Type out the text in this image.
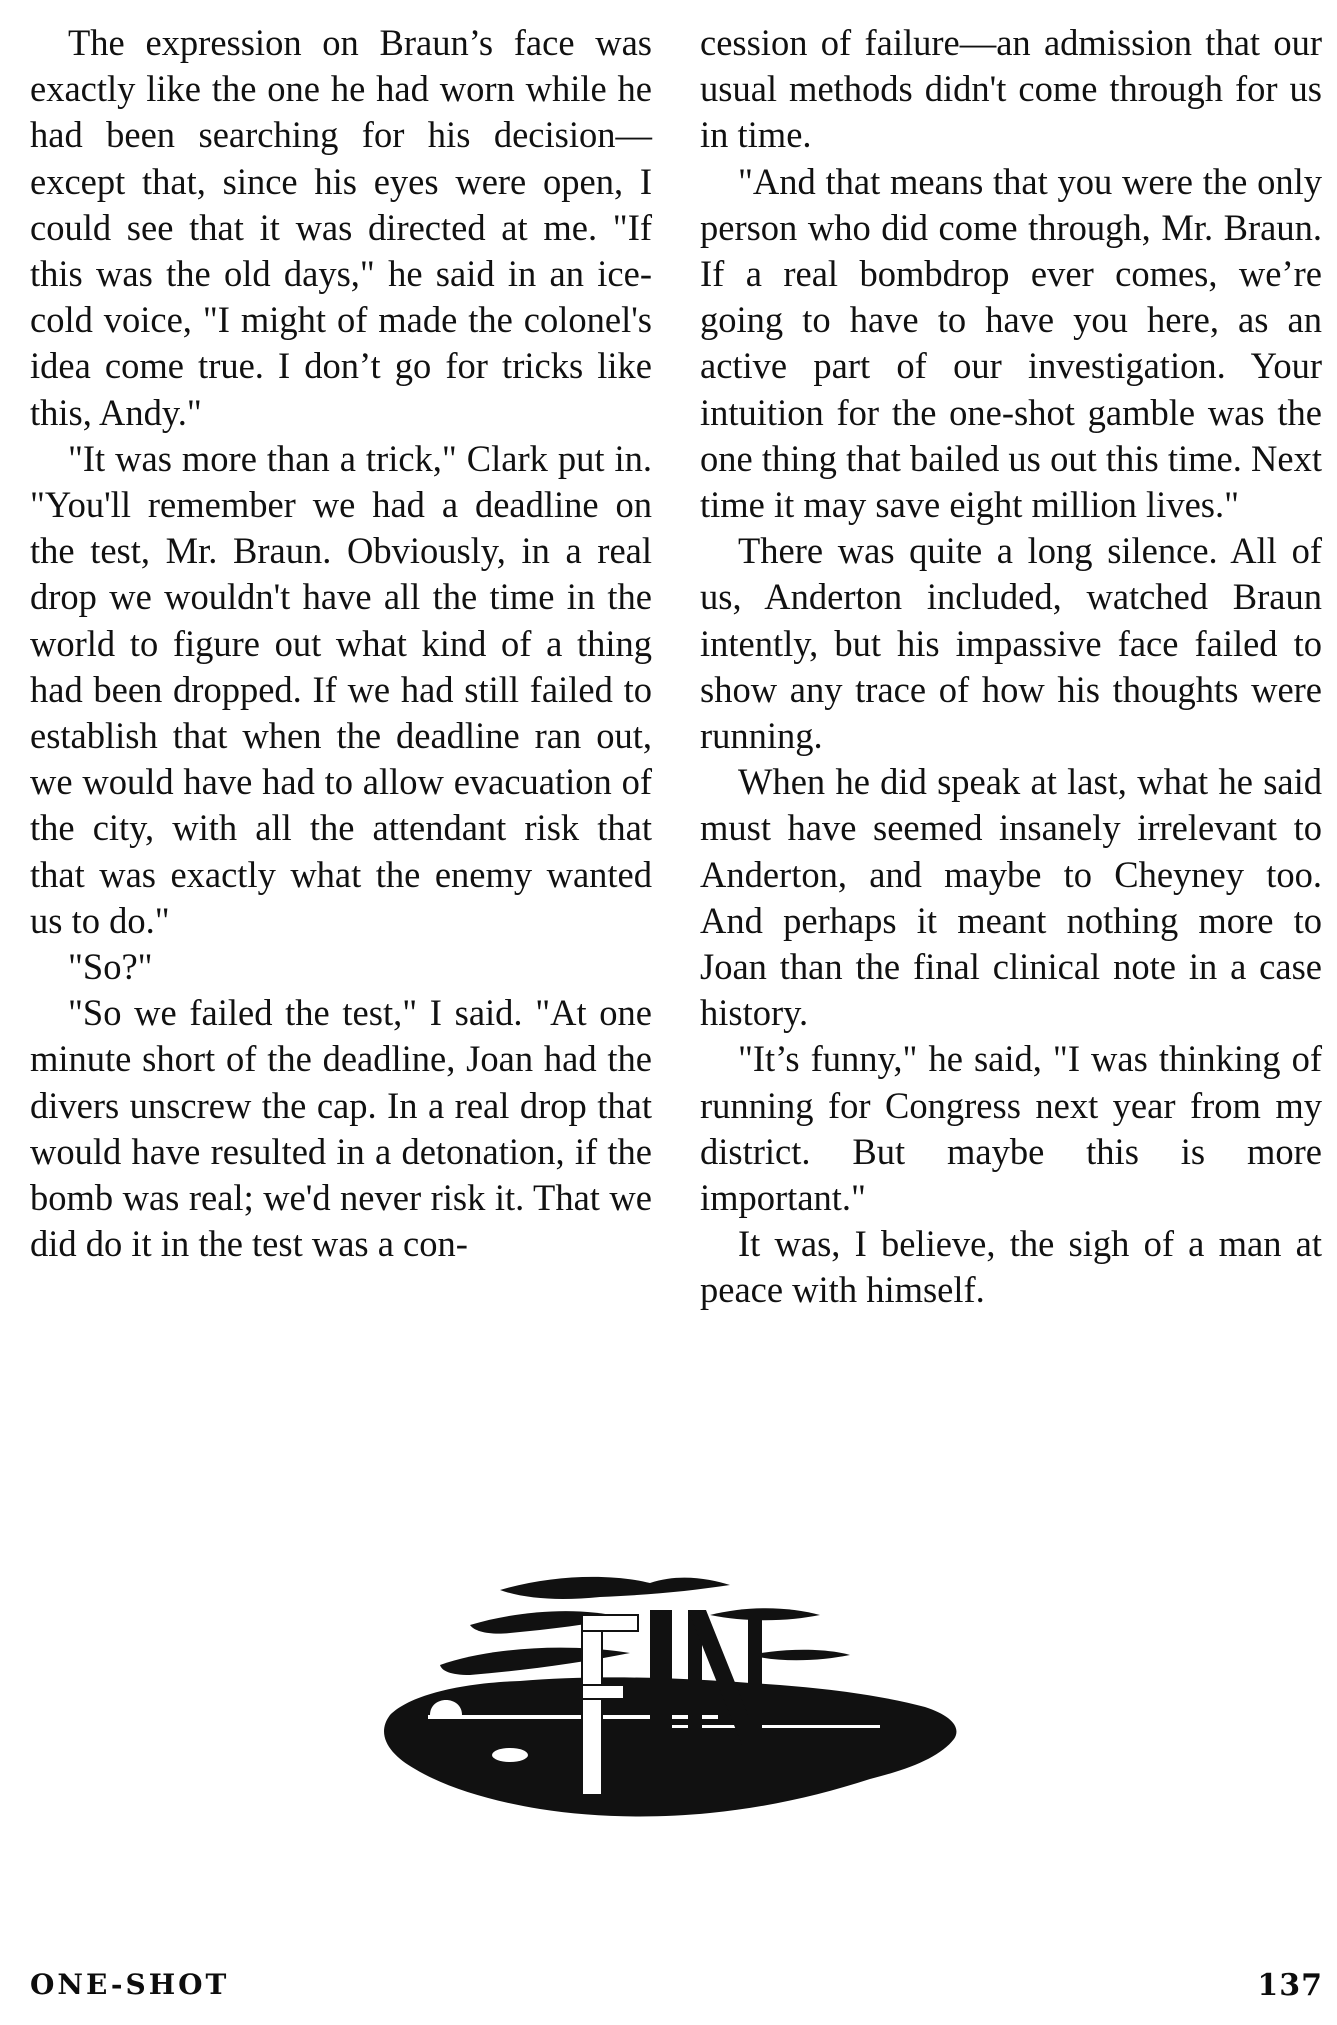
The expression on Braun’s face was exactly like the one he had worn while he had been searching for his decision—except that, since his eyes were open, I could see that it was directed at me. "If this was the old days," he said in an ice-cold voice, "I might of made the colonel's idea come true. I don’t go for tricks like this, Andy."

"It was more than a trick," Clark put in. "You'll remember we had a deadline on the test, Mr. Braun. Obviously, in a real drop we wouldn't have all the time in the world to figure out what kind of a thing had been dropped. If we had still failed to establish that when the deadline ran out, we would have had to allow evacuation of the city, with all the attendant risk that that was exactly what the enemy wanted us to do."

"So?"

"So we failed the test," I said. "At one minute short of the deadline, Joan had the divers unscrew the cap. In a real drop that would have resulted in a detonation, if the bomb was real; we'd never risk it. That we did do it in the test was a con-

cession of failure—an admission that our usual methods didn't come through for us in time.

"And that means that you were the only person who did come through, Mr. Braun. If a real bombdrop ever comes, we’re going to have to have you here, as an active part of our investigation. Your intuition for the one-shot gamble was the one thing that bailed us out this time. Next time it may save eight million lives."

There was quite a long silence. All of us, Anderton included, watched Braun intently, but his impassive face failed to show any trace of how his thoughts were running.

When he did speak at last, what he said must have seemed insanely irrelevant to Anderton, and maybe to Cheyney too. And perhaps it meant nothing more to Joan than the final clinical note in a case history.

"It’s funny," he said, "I was thinking of running for Congress next year from my district. But maybe this is more important."

It was, I believe, the sigh of a man at peace with himself.

ONE-SHOT	137
